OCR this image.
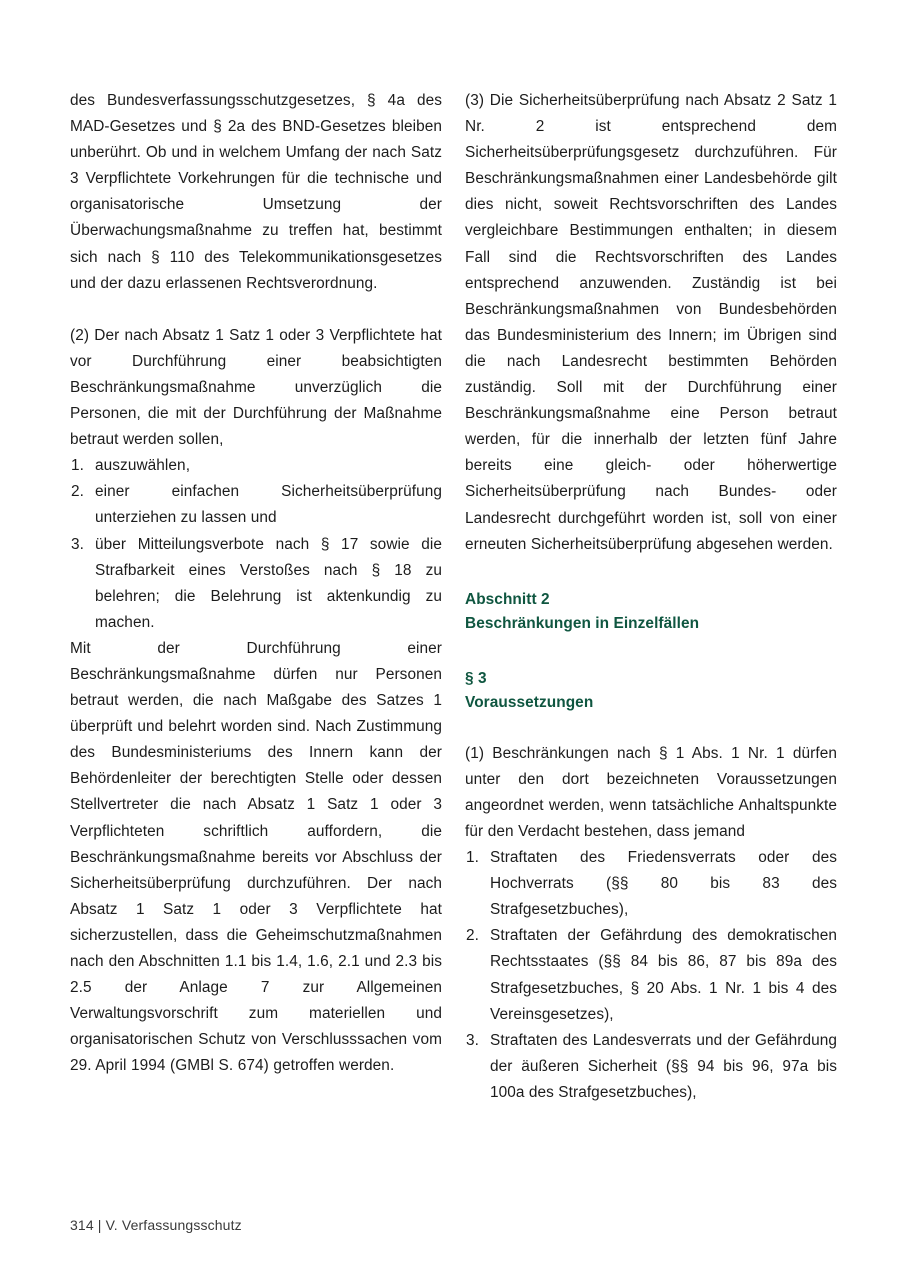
des Bundesverfassungsschutzgesetzes, § 4a des MAD-Gesetzes und § 2a des BND-Gesetzes bleiben unberührt. Ob und in welchem Umfang der nach Satz 3 Verpflichtete Vorkehrungen für die technische und organisatorische Umsetzung der Überwachungsmaßnahme zu treffen hat, bestimmt sich nach § 110 des Telekommunikationsgesetzes und der dazu erlassenen Rechtsverordnung.

(2) Der nach Absatz 1 Satz 1 oder 3 Verpflichtete hat vor Durchführung einer beabsichtigten Beschränkungsmaßnahme unverzüglich die Personen, die mit der Durchführung der Maßnahme betraut werden sollen,

1. auszuwählen,
2. einer einfachen Sicherheitsüberprüfung unterziehen zu lassen und
3. über Mitteilungsverbote nach § 17 sowie die Strafbarkeit eines Verstoßes nach § 18 zu belehren; die Belehrung ist aktenkundig zu machen.

Mit der Durchführung einer Beschränkungsmaßnahme dürfen nur Personen betraut werden, die nach Maßgabe des Satzes 1 überprüft und belehrt worden sind. Nach Zustimmung des Bundesministeriums des Innern kann der Behördenleiter der berechtigten Stelle oder dessen Stellvertreter die nach Absatz 1 Satz 1 oder 3 Verpflichteten schriftlich auffordern, die Beschränkungsmaßnahme bereits vor Abschluss der Sicherheitsüberprüfung durchzuführen. Der nach Absatz 1 Satz 1 oder 3 Verpflichtete hat sicherzustellen, dass die Geheimschutzmaßnahmen nach den Abschnitten 1.1 bis 1.4, 1.6, 2.1 und 2.3 bis 2.5 der Anlage 7 zur Allgemeinen Verwaltungsvorschrift zum materiellen und organisatorischen Schutz von Verschlusssachen vom 29. April 1994 (GMBl S. 674) getroffen werden.

(3) Die Sicherheitsüberprüfung nach Absatz 2 Satz 1 Nr. 2 ist entsprechend dem Sicherheitsüberprüfungsgesetz durchzuführen. Für Beschränkungsmaßnahmen einer Landesbehörde gilt dies nicht, soweit Rechtsvorschriften des Landes vergleichbare Bestimmungen enthalten; in diesem Fall sind die Rechtsvorschriften des Landes entsprechend anzuwenden. Zuständig ist bei Beschränkungsmaßnahmen von Bundesbehörden das Bundesministerium des Innern; im Übrigen sind die nach Landesrecht bestimmten Behörden zuständig. Soll mit der Durchführung einer Beschränkungsmaßnahme eine Person betraut werden, für die innerhalb der letzten fünf Jahre bereits eine gleich- oder höherwertige Sicherheitsüberprüfung nach Bundes- oder Landesrecht durchgeführt worden ist, soll von einer erneuten Sicherheitsüberprüfung abgesehen werden.

Abschnitt 2
Beschränkungen in Einzelfällen
§ 3
Voraussetzungen

(1) Beschränkungen nach § 1 Abs. 1 Nr. 1 dürfen unter den dort bezeichneten Voraussetzungen angeordnet werden, wenn tatsächliche Anhaltspunkte für den Verdacht bestehen, dass jemand

1. Straftaten des Friedensverrats oder des Hochverrats (§§ 80 bis 83 des Strafgesetzbuches),
2. Straftaten der Gefährdung des demokratischen Rechtsstaates (§§ 84 bis 86, 87 bis 89a des Strafgesetzbuches, § 20 Abs. 1 Nr. 1 bis 4 des Vereinsgesetzes),
3. Straftaten des Landesverrats und der Gefährdung der äußeren Sicherheit (§§ 94 bis 96, 97a bis 100a des Strafgesetzbuches),
314 | V. Verfassungsschutz
